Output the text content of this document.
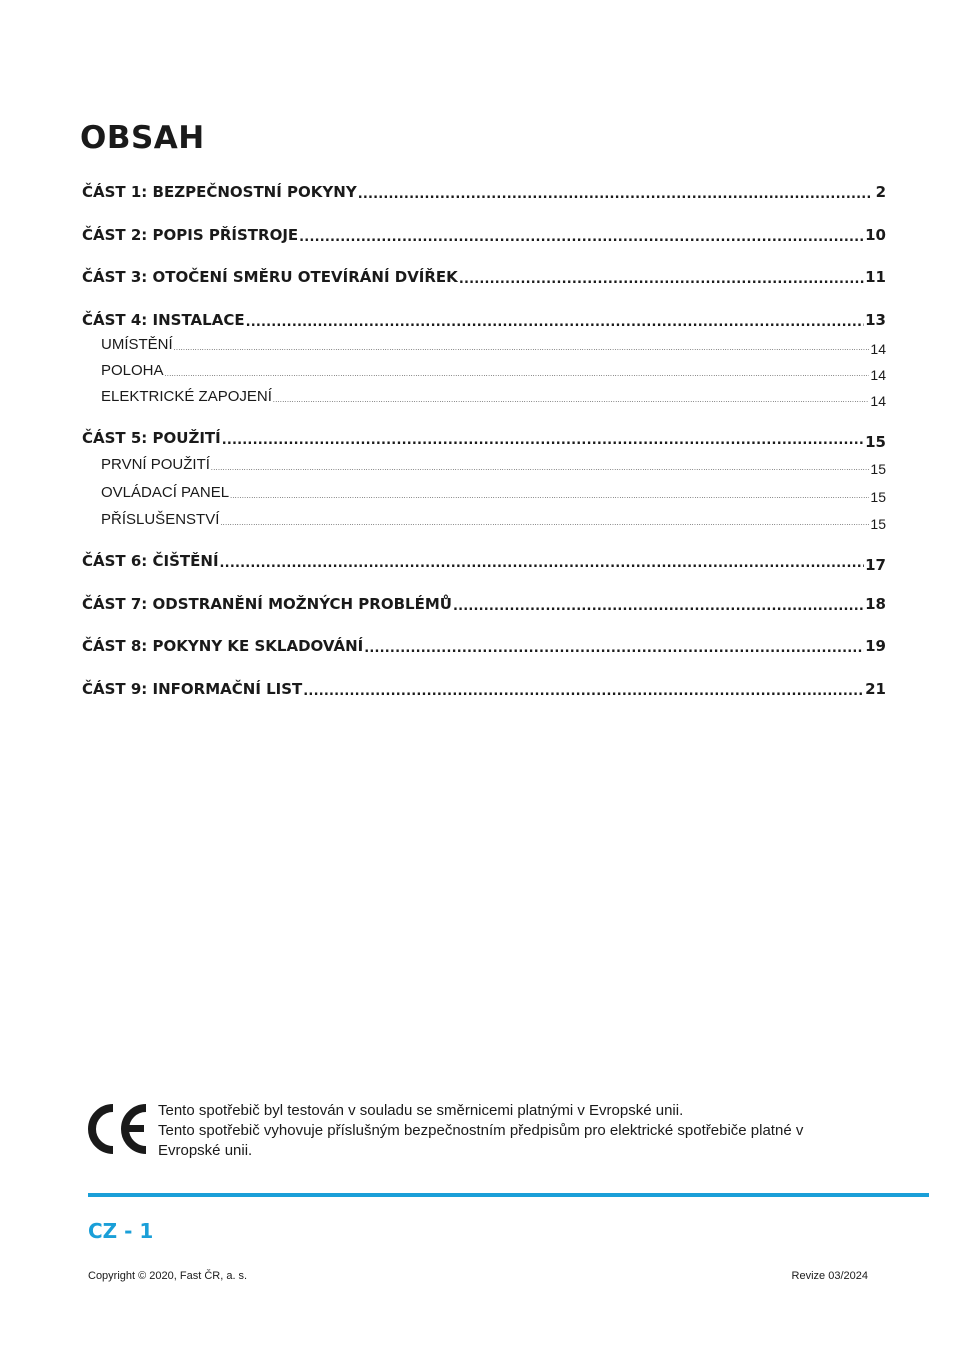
OBSAH
ČÁST 1: BEZPEČNOSTNÍ POKYNY .....	2
ČÁST 2: POPIS PŘÍSTROJE .....	10
ČÁST 3: OTOČENÍ SMĚRU OTEVÍRÁNÍ DVÍŘEK .....	11
ČÁST 4: INSTALACE .....	13
UMÍSTĚNÍ .....	14
POLOHA .....	14
ELEKTRICKÉ ZAPOJENÍ .....	14
ČÁST 5: POUŽITÍ .....	15
PRVNÍ POUŽITÍ .....	15
OVLÁDACÍ PANEL .....	15
PŘÍSLUŠENSTVÍ .....	15
ČÁST 6: ČIŠTĚNÍ .....	17
ČÁST 7: ODSTRANĚNÍ MOŽNÝCH PROBLÉMŮ .....	18
ČÁST 8: POKYNY KE SKLADOVÁNÍ .....	19
ČÁST 9: INFORMAČNÍ LIST .....	21
Tento spotřebič byl testován v souladu se směrnicemi platnými v Evropské unii.
Tento spotřebič vyhovuje příslušným bezpečnostním předpisům pro elektrické spotřebiče platné v
Evropské unii.
CZ - 1
Copyright © 2020, Fast ČR, a. s.	Revize 03/2024
